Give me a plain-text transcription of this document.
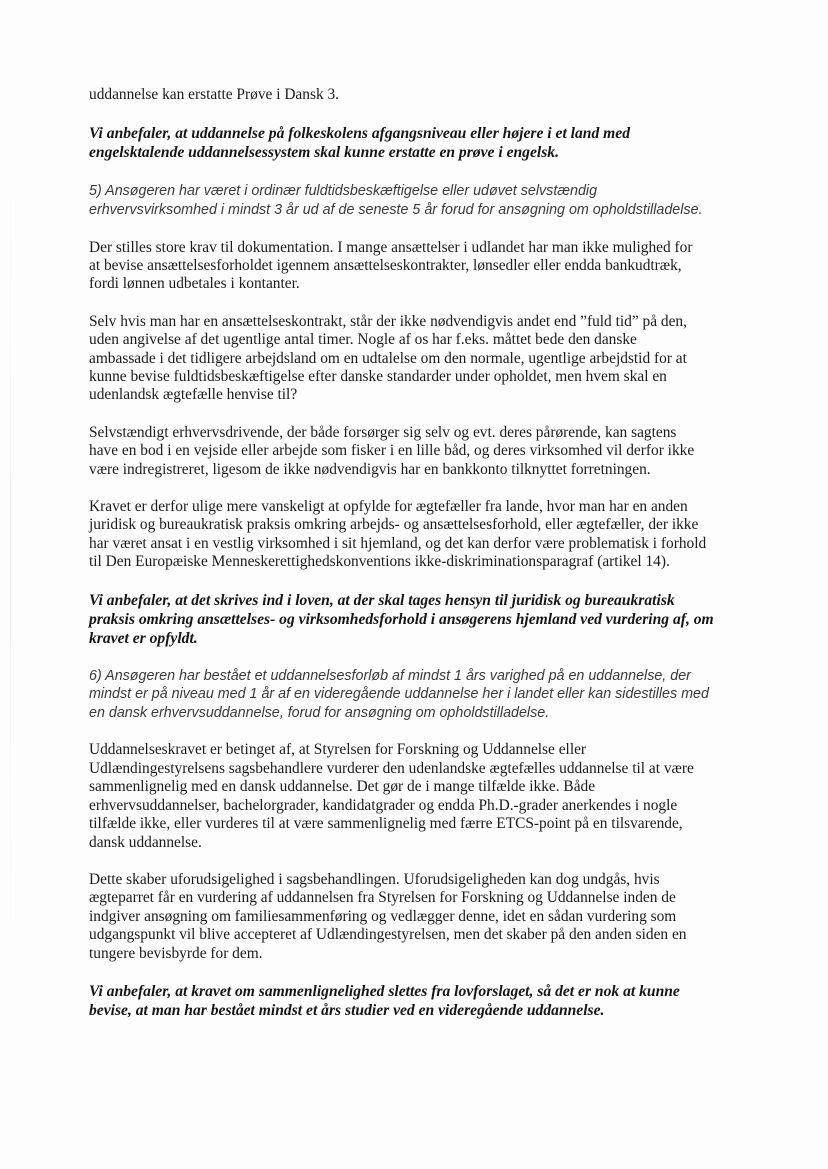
uddannelse kan erstatte Prøve i Dansk 3.

Vi anbefaler, at uddannelse på folkeskolens afgangsniveau eller højere i et land med
engelsktalende uddannelsessystem skal kunne erstatte en prøve i engelsk.

5) Ansøgeren har været i ordinær fuldtidsbeskæftigelse eller udøvet selvstændig
erhvervsvirksomhed i mindst 3 år ud af de seneste 5 år forud for ansøgning om opholdstilladelse.

Der stilles store krav til dokumentation. I mange ansættelser i udlandet har man ikke mulighed for
at bevise ansættelsesforholdet igennem ansættelseskontrakter, lønsedler eller endda bankudtræk,
fordi lønnen udbetales i kontanter.

Selv hvis man har en ansættelseskontrakt, står der ikke nødvendigvis andet end ”fuld tid” på den,
uden angivelse af det ugentlige antal timer. Nogle af os har f.eks. måttet bede den danske
ambassade i det tidligere arbejdsland om en udtalelse om den normale, ugentlige arbejdstid for at
kunne bevise fuldtidsbeskæftigelse efter danske standarder under opholdet, men hvem skal en
udenlandsk ægtefælle henvise til?

Selvstændigt erhvervsdrivende, der både forsørger sig selv og evt. deres pårørende, kan sagtens
have en bod i en vejside eller arbejde som fisker i en lille båd, og deres virksomhed vil derfor ikke
være indregistreret, ligesom de ikke nødvendigvis har en bankkonto tilknyttet forretningen.

Kravet er derfor ulige mere vanskeligt at opfylde for ægtefæller fra lande, hvor man har en anden
juridisk og bureaukratisk praksis omkring arbejds- og ansættelsesforhold, eller ægtefæller, der ikke
har været ansat i en vestlig virksomhed i sit hjemland, og det kan derfor være problematisk i forhold
til Den Europæiske Menneskerettighedskonventions ikke-diskriminationsparagraf (artikel 14).

Vi anbefaler, at det skrives ind i loven, at der skal tages hensyn til juridisk og bureaukratisk
praksis omkring ansættelses- og virksomhedsforhold i ansøgerens hjemland ved vurdering af, om
kravet er opfyldt.

6) Ansøgeren har bestået et uddannelsesforløb af mindst 1 års varighed på en uddannelse, der
mindst er på niveau med 1 år af en videregående uddannelse her i landet eller kan sidestilles med
en dansk erhvervsuddannelse, forud for ansøgning om opholdstilladelse.

Uddannelseskravet er betinget af, at Styrelsen for Forskning og Uddannelse eller
Udlændingestyrelsens sagsbehandlere vurderer den udenlandske ægtefælles uddannelse til at være
sammenlignelig med en dansk uddannelse. Det gør de i mange tilfælde ikke. Både
erhvervsuddannelser, bachelorgrader, kandidatgrader og endda Ph.D.-grader anerkendes i nogle
tilfælde ikke, eller vurderes til at være sammenlignelig med færre ETCS-point på en tilsvarende,
dansk uddannelse.

Dette skaber uforudsigelighed i sagsbehandlingen. Uforudsigeligheden kan dog undgås, hvis
ægteparret får en vurdering af uddannelsen fra Styrelsen for Forskning og Uddannelse inden de
indgiver ansøgning om familiesammenføring og vedlægger denne, idet en sådan vurdering som
udgangspunkt vil blive accepteret af Udlændingestyrelsen, men det skaber på den anden siden en
tungere bevisbyrde for dem.

Vi anbefaler, at kravet om sammenlignelighed slettes fra lovforslaget, så det er nok at kunne
bevise, at man har bestået mindst et års studier ved en videregående uddannelse.
